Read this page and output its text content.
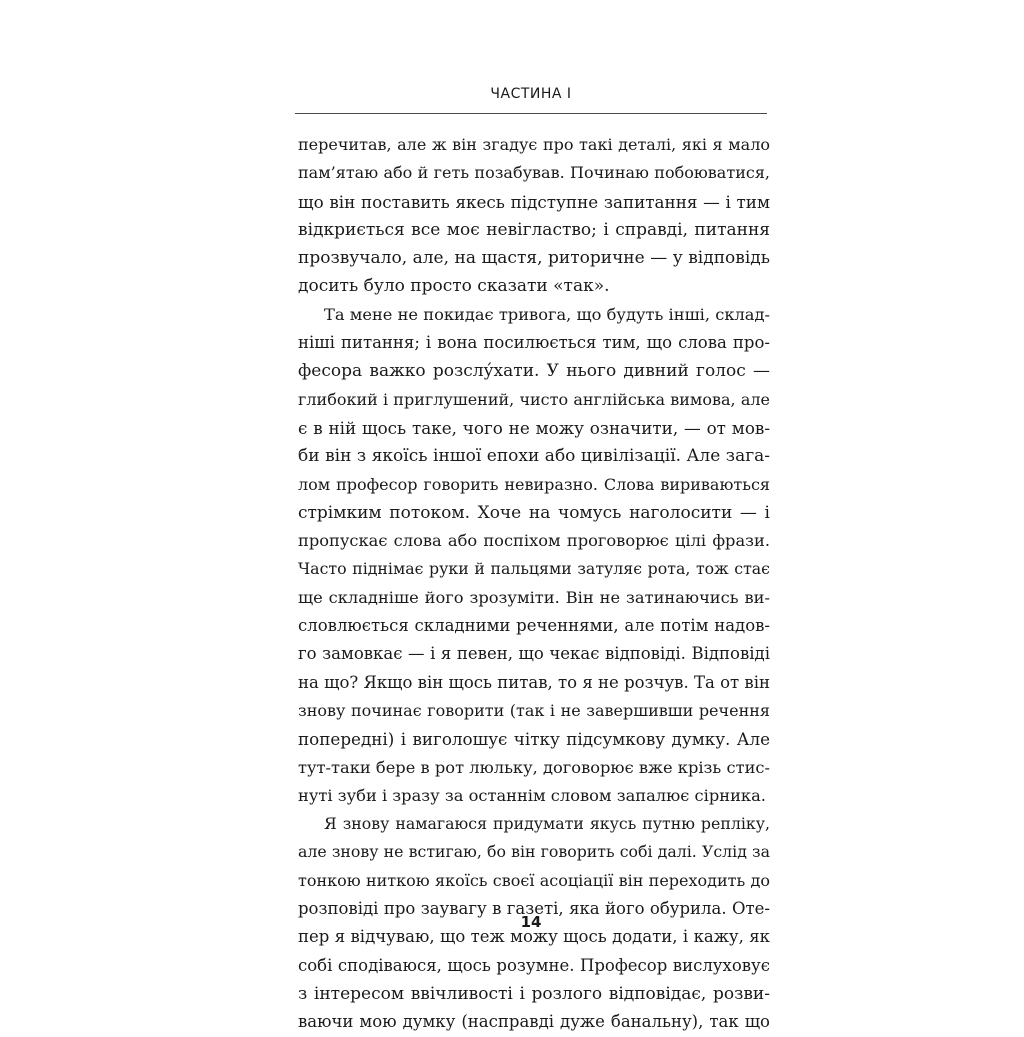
ЧАСТИНА І
перечитав, але ж він згадує про такі деталі, які я мало
пам’ятаю або й геть позабував. Починаю побоюватися,
що він поставить якесь підступне запитання — і тим
відкриється все моє невігластво; і справді, питання
прозвучало, але, на щастя, риторичне — у відповідь
досить було просто сказати «так».
Та мене не покидає тривога, що будуть інші, склад-
ніші питання; і вона посилюється тим, що слова про-
фесора важко розслу́хати. У нього дивний голос —
глибокий і приглушений, чисто англійська вимова, але
є в ній щось таке, чого не можу означити, — от мов-
би він з якоїсь іншої епохи або цивілізації. Але зага-
лом професор говорить невиразно. Слова вириваються
стрімким потоком. Хоче на чомусь наголосити — і
пропускає слова або поспіхом проговорює цілі фрази.
Часто піднімає руки й пальцями затуляє рота, тож стає
ще складніше його зрозуміти. Він не затинаючись ви-
словлюється складними реченнями, але потім надов-
го замовкає — і я певен, що чекає відповіді. Відповіді
на що? Якщо він щось питав, то я не розчув. Та от він
знову починає говорити (так і не завершивши речення
попередні) і виголошує чітку підсумкову думку. Але
тут-таки бере в рот люльку, договорює вже крізь стис-
нуті зуби і зразу за останнім словом запалює сірника.
Я знову намагаюся придумати якусь путню репліку,
але знову не встигаю, бо він говорить собі далі. Услід за
тонкою ниткою якоїсь своєї асоціації він переходить до
розповіді про заувагу в газеті, яка його обурила. Оте-
пер я відчуваю, що теж можу щось додати, і кажу, як
собі сподіваюся, щось розумне. Професор вислуховує
з інтересом ввічливості і розлого відповідає, розви-
ваючи мою думку (насправді дуже банальну), так що
14
